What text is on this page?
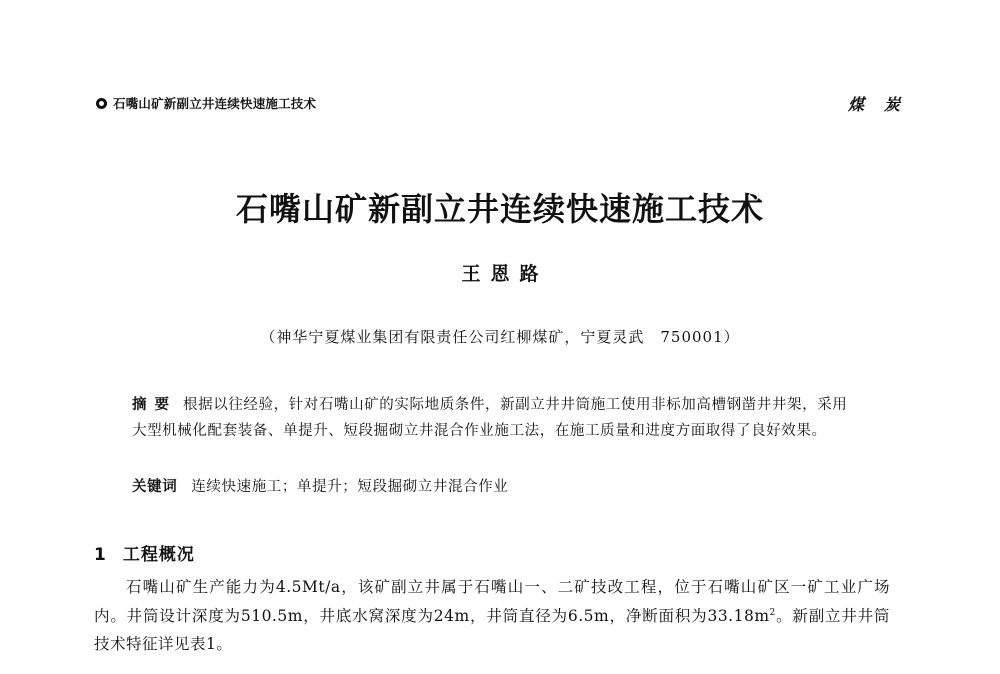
石嘴山矿新副立井连续快速施工技术	煤炭
石嘴山矿新副立井连续快速施工技术
王恩路
（神华宁夏煤业集团有限责任公司红柳煤矿，宁夏灵武　750001）
摘要 根据以往经验，针对石嘴山矿的实际地质条件，新副立井井筒施工使用非标加高槽钢凿井井架，采用大型机械化配套装备、单提升、短段掘砌立井混合作业施工法，在施工质量和进度方面取得了良好效果。
关键词 连续快速施工；单提升；短段掘砌立井混合作业
1 工程概况
石嘴山矿生产能力为4.5Mt/a，该矿副立井属于石嘴山一、二矿技改工程，位于石嘴山矿区一矿工业广场内。井筒设计深度为510.5m，井底水窝深度为24m，井筒直径为6.5m，净断面积为$33.18m^2$。新副立井井筒技术特征详见表1。
